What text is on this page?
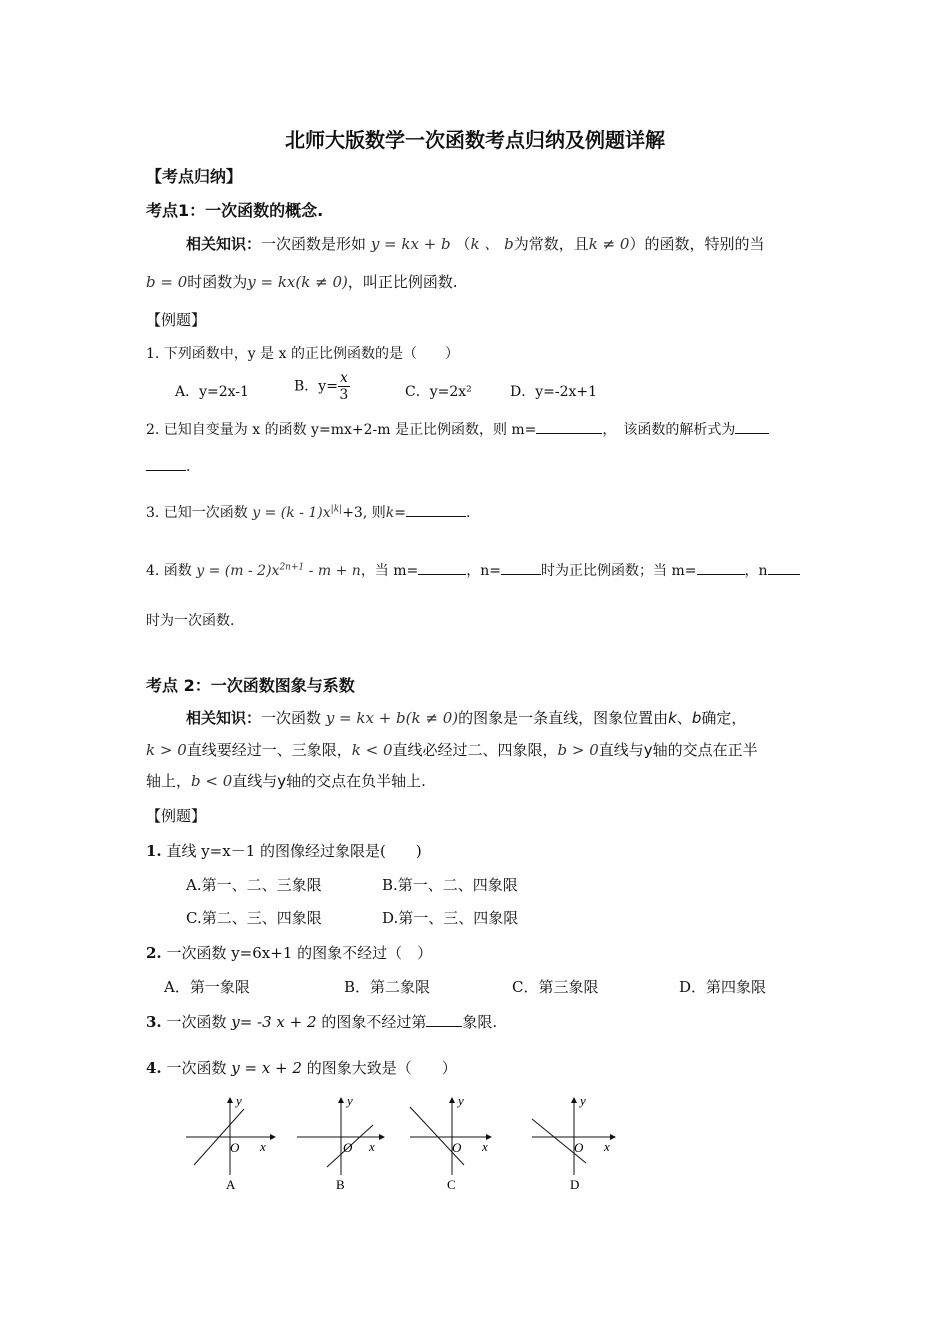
北师大版数学一次函数考点归纳及例题详解
【考点归纳】
考点1：一次函数的概念.
相关知识：一次函数是形如 y = kx + b （k 、 b为常数，且k ≠ 0）的函数，特别的当
b = 0时函数为y = kx(k ≠ 0)，叫正比例函数.
【例题】
1. 下列函数中，y 是 x 的正比例函数的是（　　）
A．y=2x-1	B．$y= \frac{x}{3}$	C．y=2x²	D．y=-2x+1
2. 已知自变量为 x 的函数 y=mx+2-m 是正比例函数，则 m=	，　该函数的解析式为
.
3. 已知一次函数 $y = (k - 1)x^{|k|}+3$, 则k=	.
4. 函数 $y = (m - 2)x^{2n+1} - m + n$，当 m=	，n=	时为正比例函数；当 m=	，n
时为一次函数.
考点 2：一次函数图象与系数
相关知识：一次函数 y = kx + b(k ≠ 0)的图象是一条直线，图象位置由k、b确定，
k > 0直线要经过一、三象限，k < 0直线必经过二、四象限，b > 0直线与y轴的交点在正半
轴上，b < 0直线与y轴的交点在负半轴上.
【例题】
1. 直线 y=x－1 的图像经过象限是(　　)
A.第一、二、三象限	B.第一、二、四象限
C.第二、三、四象限	D.第一、三、四象限
2. 一次函数 y=6x+1 的图象不经过（　）
A．第一象限	B．第二象限	C．第三象限	D．第四象限
3. 一次函数 y= -3 x + 2 的图象不经过第 象限.
4. 一次函数 y = x + 2 的图象大致是（　　）
y
x
O
A
y
x
O
B
y
x
O
C
y
x
O
D
